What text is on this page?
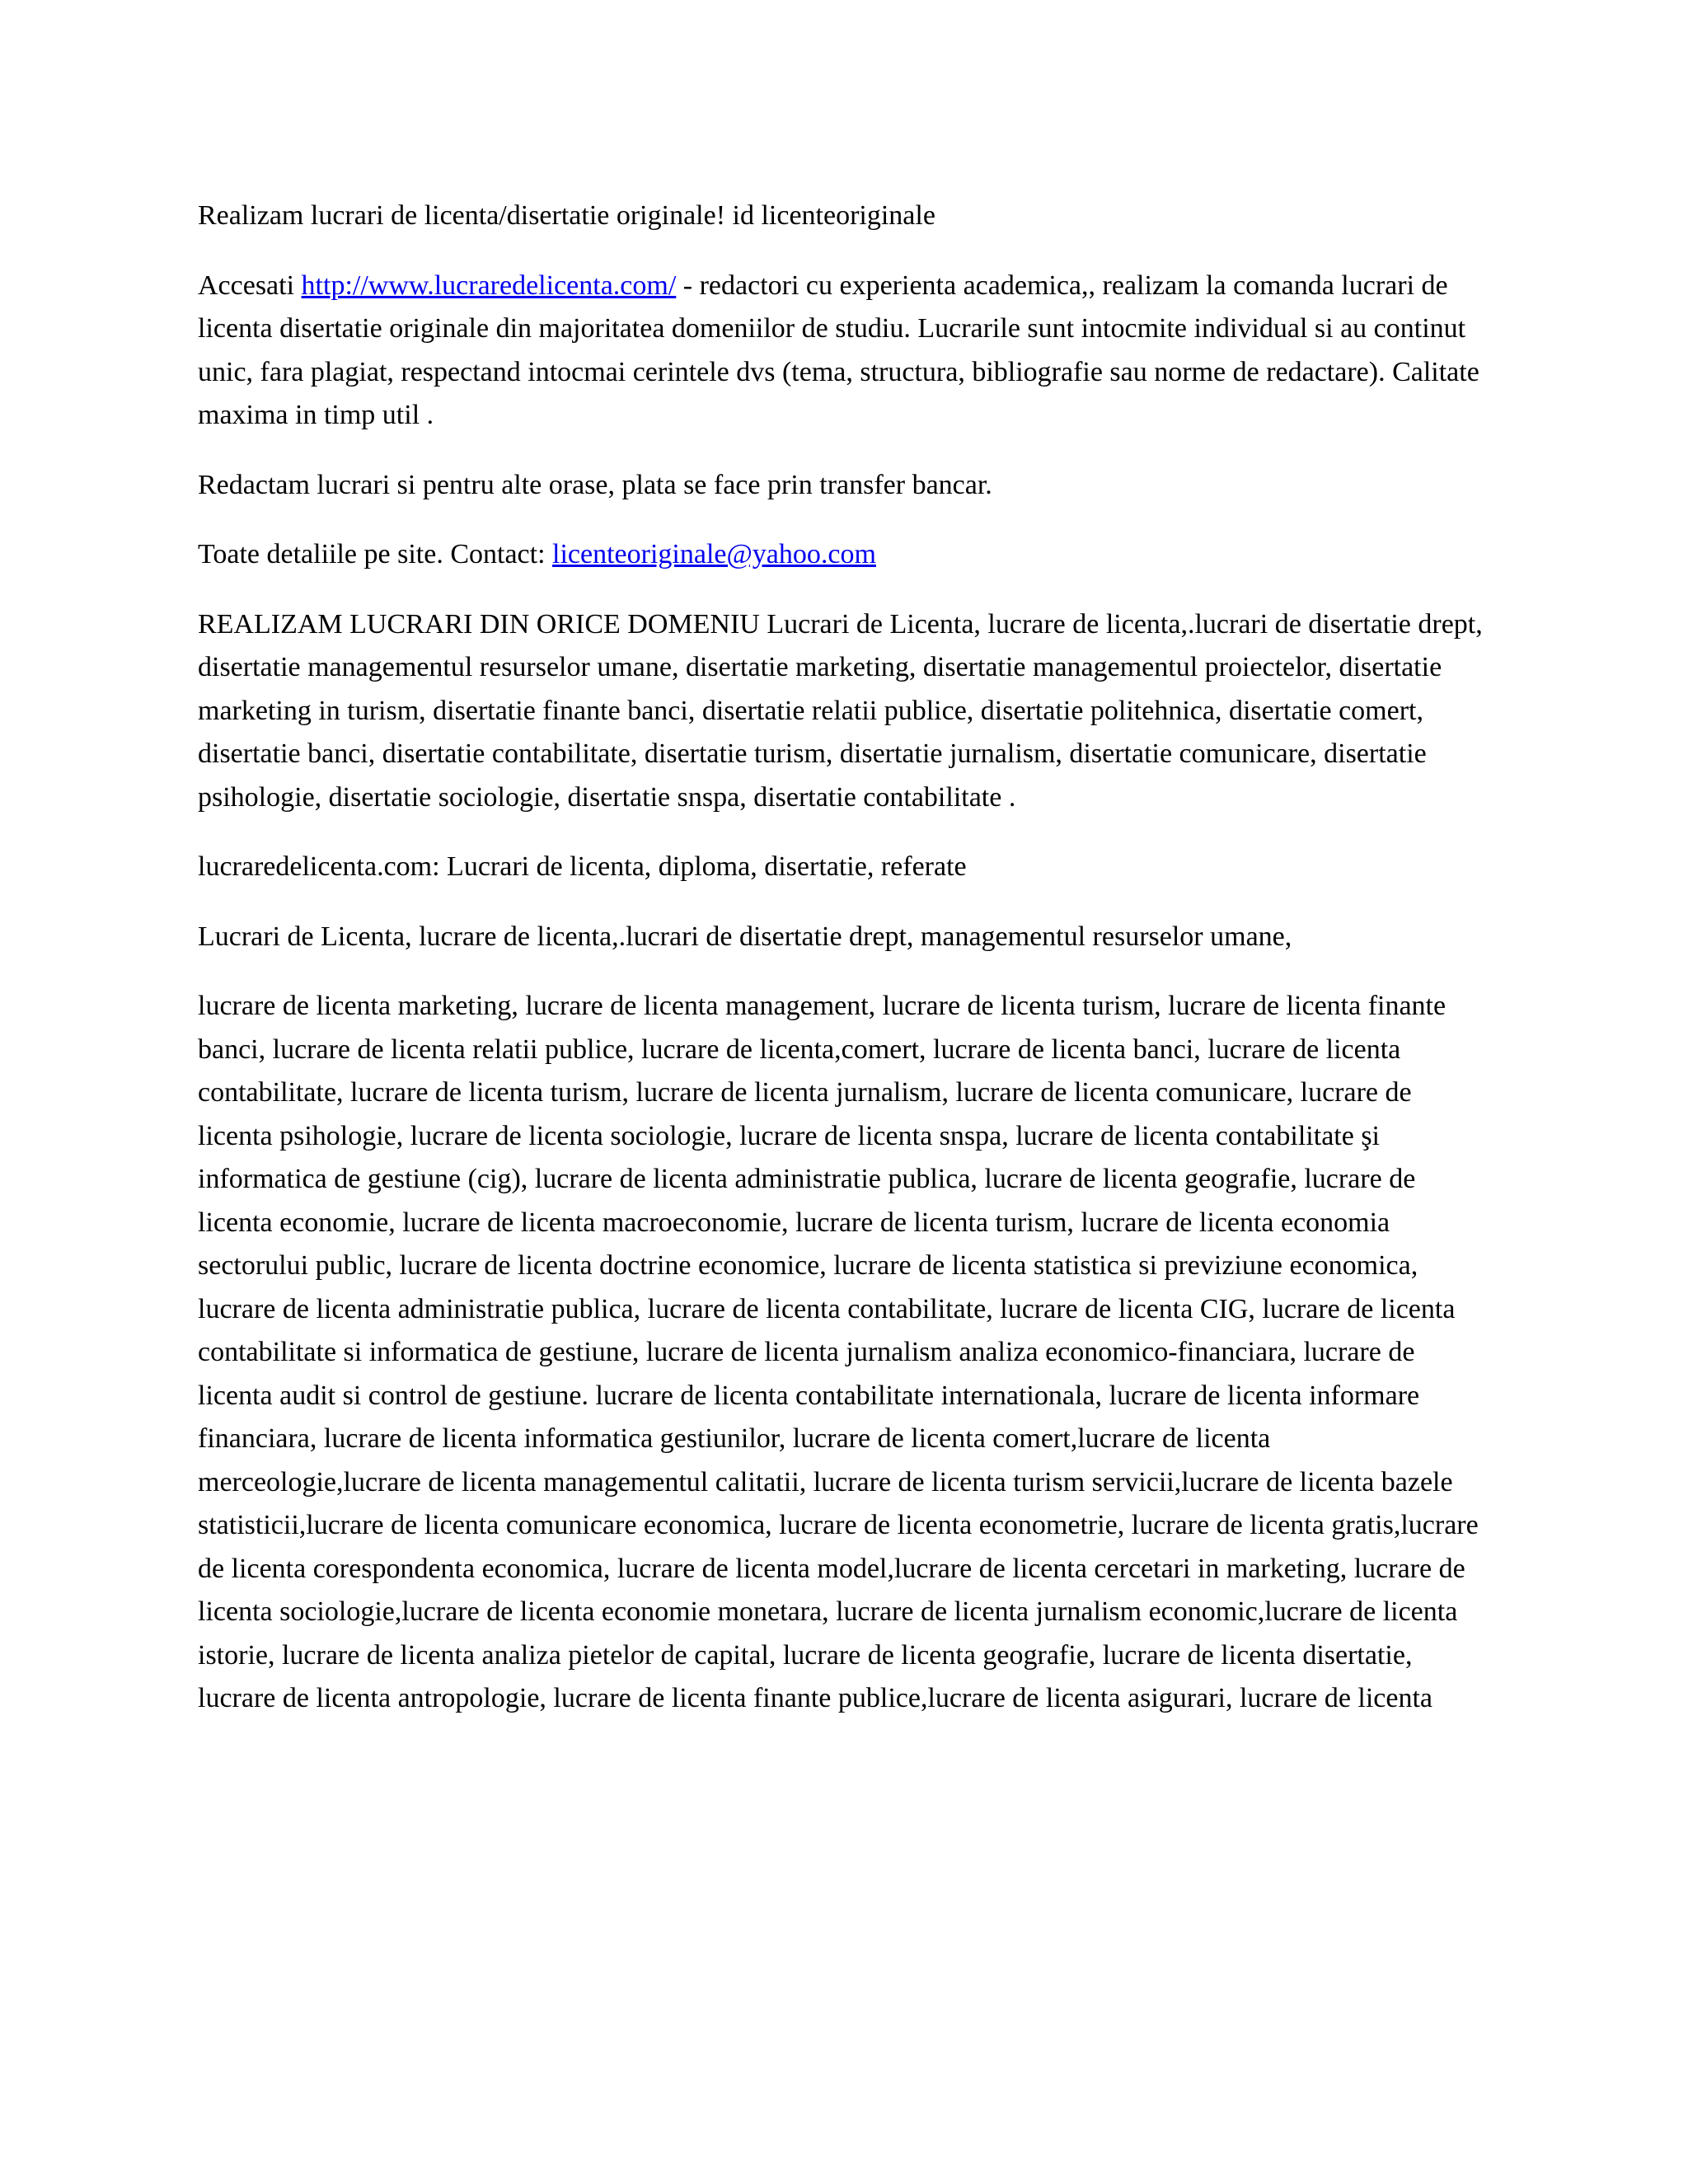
Realizam lucrari de licenta/disertatie originale! id licenteoriginale

Accesati http://www.lucraredelicenta.com/ - redactori cu experienta academica,, realizam la comanda lucrari de licenta disertatie originale din majoritatea domeniilor de studiu. Lucrarile sunt intocmite individual si au continut unic, fara plagiat, respectand intocmai cerintele dvs (tema, structura, bibliografie sau norme de redactare). Calitate maxima in timp util .

Redactam lucrari si pentru alte orase, plata se face prin transfer bancar.

Toate detaliile pe site. Contact: licenteoriginale@yahoo.com

REALIZAM LUCRARI DIN ORICE DOMENIU Lucrari de Licenta, lucrare de licenta,.lucrari de disertatie drept, disertatie managementul resurselor umane, disertatie marketing, disertatie managementul proiectelor, disertatie marketing in turism, disertatie finante banci, disertatie relatii publice, disertatie politehnica, disertatie comert, disertatie banci, disertatie contabilitate, disertatie turism, disertatie jurnalism, disertatie comunicare, disertatie psihologie, disertatie sociologie, disertatie snspa, disertatie contabilitate .

lucraredelicenta.com: Lucrari de licenta, diploma, disertatie, referate

Lucrari de Licenta, lucrare de licenta,.lucrari de disertatie drept, managementul resurselor umane,

lucrare de licenta marketing, lucrare de licenta management, lucrare de licenta turism, lucrare de licenta finante banci, lucrare de licenta relatii publice, lucrare de licenta,comert, lucrare de licenta banci, lucrare de licenta contabilitate, lucrare de licenta turism, lucrare de licenta jurnalism, lucrare de licenta comunicare, lucrare de licenta psihologie, lucrare de licenta sociologie, lucrare de licenta snspa, lucrare de licenta contabilitate şi informatica de gestiune (cig), lucrare de licenta administratie publica, lucrare de licenta geografie, lucrare de licenta economie, lucrare de licenta macroeconomie, lucrare de licenta turism, lucrare de licenta economia sectorului public, lucrare de licenta doctrine economice, lucrare de licenta statistica si previziune economica, lucrare de licenta administratie publica, lucrare de licenta contabilitate, lucrare de licenta CIG, lucrare de licenta contabilitate si informatica de gestiune, lucrare de licenta jurnalism analiza economico-financiara, lucrare de licenta audit si control de gestiune. lucrare de licenta contabilitate internationala, lucrare de licenta informare financiara, lucrare de licenta informatica gestiunilor, lucrare de licenta comert,lucrare de licenta merceologie,lucrare de licenta managementul calitatii, lucrare de licenta turism servicii,lucrare de licenta bazele statisticii,lucrare de licenta comunicare economica, lucrare de licenta econometrie, lucrare de licenta gratis,lucrare de licenta corespondenta economica, lucrare de licenta model,lucrare de licenta cercetari in marketing, lucrare de licenta sociologie,lucrare de licenta economie monetara, lucrare de licenta jurnalism economic,lucrare de licenta istorie, lucrare de licenta analiza pietelor de capital, lucrare de licenta geografie, lucrare de licenta disertatie, lucrare de licenta antropologie, lucrare de licenta finante publice,lucrare de licenta asigurari, lucrare de licenta
